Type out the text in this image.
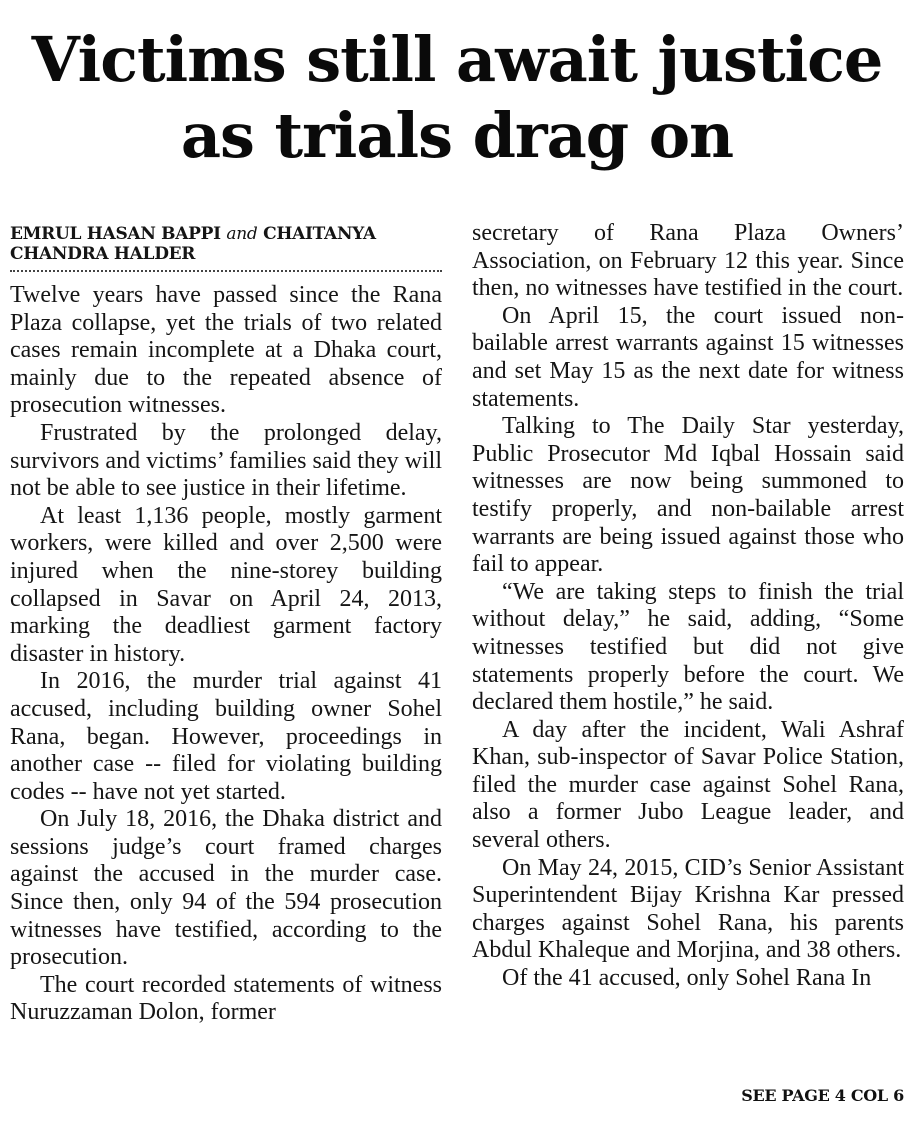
Victims still await justice
as trials drag on
EMRUL HASAN BAPPI and CHAITANYA CHANDRA HALDER

Twelve years have passed since the Rana Plaza collapse, yet the trials of two related cases remain incomplete at a Dhaka court, mainly due to the repeated absence of prosecution witnesses.

Frustrated by the prolonged delay, survivors and victims’ families said they will not be able to see justice in their lifetime.

At least 1,136 people, mostly garment workers, were killed and over 2,500 were injured when the nine-storey building collapsed in Savar on April 24, 2013, marking the deadliest garment factory disaster in history.

In 2016, the murder trial against 41 accused, including building owner Sohel Rana, began. However, proceedings in another case -- filed for violating building codes -- have not yet started.

On July 18, 2016, the Dhaka district and sessions judge’s court framed charges against the accused in the murder case. Since then, only 94 of the 594 prosecution witnesses have testified, according to the prosecution.

The court recorded statements of witness Nuruzzaman Dolon, former

secretary of Rana Plaza Owners’ Association, on February 12 this year. Since then, no witnesses have testified in the court.

On April 15, the court issued non-bailable arrest warrants against 15 witnesses and set May 15 as the next date for witness statements.

Talking to The Daily Star yesterday, Public Prosecutor Md Iqbal Hossain said witnesses are now being summoned to testify properly, and non-bailable arrest warrants are being issued against those who fail to appear.

“We are taking steps to finish the trial without delay,” he said, adding, “Some witnesses testified but did not give statements properly before the court. We declared them hostile,” he said.

A day after the incident, Wali Ashraf Khan, sub-inspector of Savar Police Station, filed the murder case against Sohel Rana, also a former Jubo League leader, and several others.

On May 24, 2015, CID’s Senior Assistant Superintendent Bijay Krishna Kar pressed charges against Sohel Rana, his parents Abdul Khaleque and Morjina, and 38 others.

Of the 41 accused, only Sohel Rana In

SEE PAGE 4 COL 6
